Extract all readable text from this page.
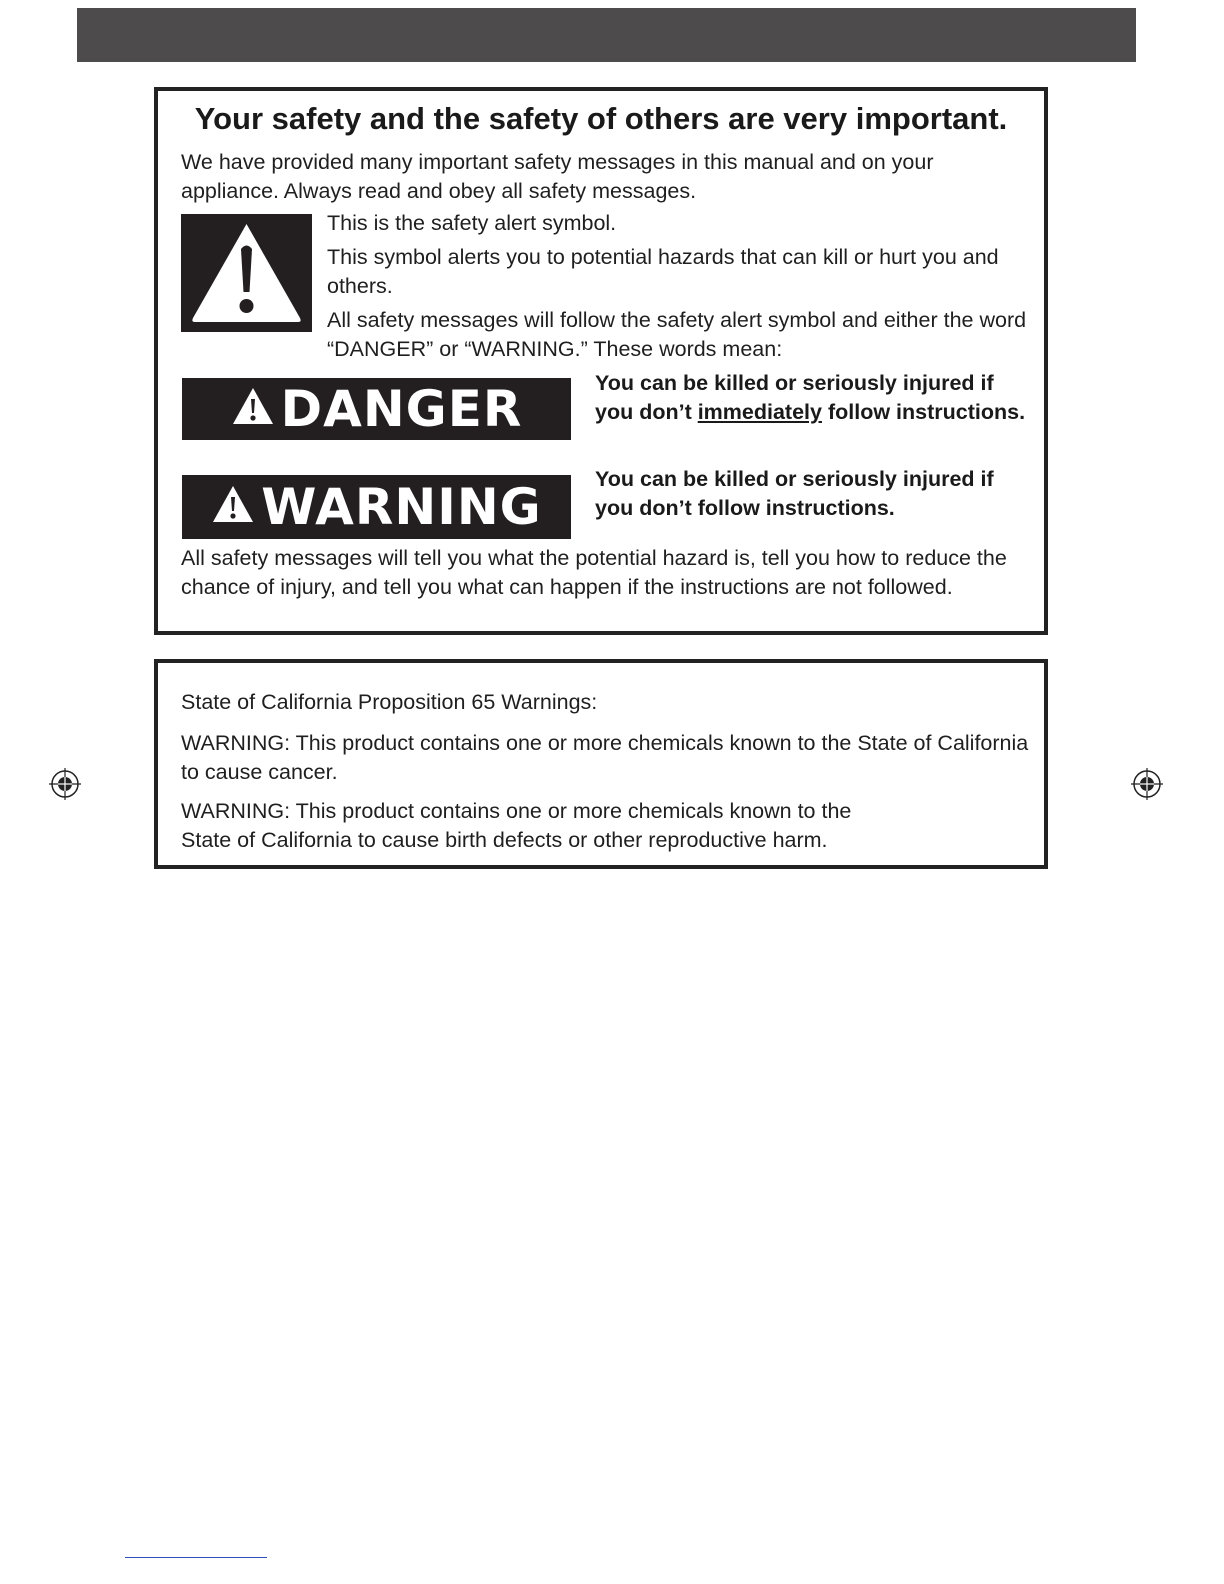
Your safety and the safety of others are very important.

We have provided many important safety messages in this manual and on your appliance. Always read and obey all safety messages.

This is the safety alert symbol.

This symbol alerts you to potential hazards that can kill or hurt you and others.

All safety messages will follow the safety alert symbol and either the word “DANGER” or “WARNING.” These words mean:

DANGER	You can be killed or seriously injured if you don’t immediately follow instructions.

WARNING You can be killed or seriously injured if you don’t follow instructions.

All safety messages will tell you what the potential hazard is, tell you how to reduce the chance of injury, and tell you what can happen if the instructions are not followed.

State of California Proposition 65 Warnings:

WARNING: This product contains one or more chemicals known to the State of California to cause cancer.

WARNING: This product contains one or more chemicals known to the
State of California to cause birth defects or other reproductive harm.
